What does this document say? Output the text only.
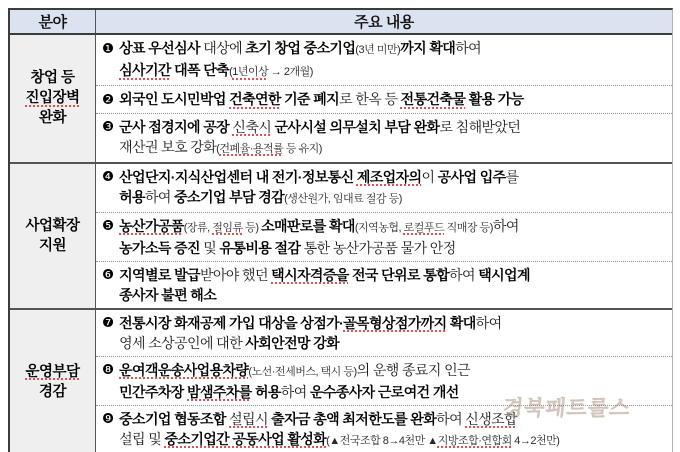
분야	주요 내용
창업 등
진입장벽
완화
❶ 상표 우선심사 대상에 초기 창업 중소기업(3년 미만)까지 확대하여
심사기간 대폭 단축(1년이상 → 2개월)
❷ 외국인 도시민박업 건축연한 기준 폐지로 한옥 등 전통건축물 활용 가능
❸ 군사 접경지에 공장 신축시 군사시설 의무설치 부담 완화로 침해받았던
재산권 보호 강화(건폐율·용적률 등 유지)
사업확장
지원
❹ 산업단지·지식산업센터 내 전기·정보통신 제조업자의이 공사업 입주를
허용하여 중소기업 부담 경감(생산원가, 임대료 절감 등)
❺ 농산가공품(장류, 절임류 등) 소매판로를 확대(지역농협, 로컬푸드 직매장 등)하여
농가소득 증진 및 유통비용 절감 통한 농산가공품 물가 안정
❻ 지역별로 발급받아야 했던 택시자격증을 전국 단위로 통합하여 택시업계
종사자 불편 해소
운영부담
경감
❼ 전통시장 화재공제 가입 대상을 상점가·골목형상점가까지 확대하여
영세 소상공인에 대한 사회안전망 강화
❽ 운여객운송사업용차량(노선·전세버스, 택시 등)의 운행 종료지 인근
민간주차장 밤샘주차를 허용하여 운수종사자 근로여건 개선
❾ 중소기업 협동조합 설립시 출자금 총액 최저한도를 완화하여 신생조합
설립 및 중소기업간 공동사업 활성화(▲전국조합 8→4천만 ▲지방조합·연합회 4→2천만)
경북패트롤스
